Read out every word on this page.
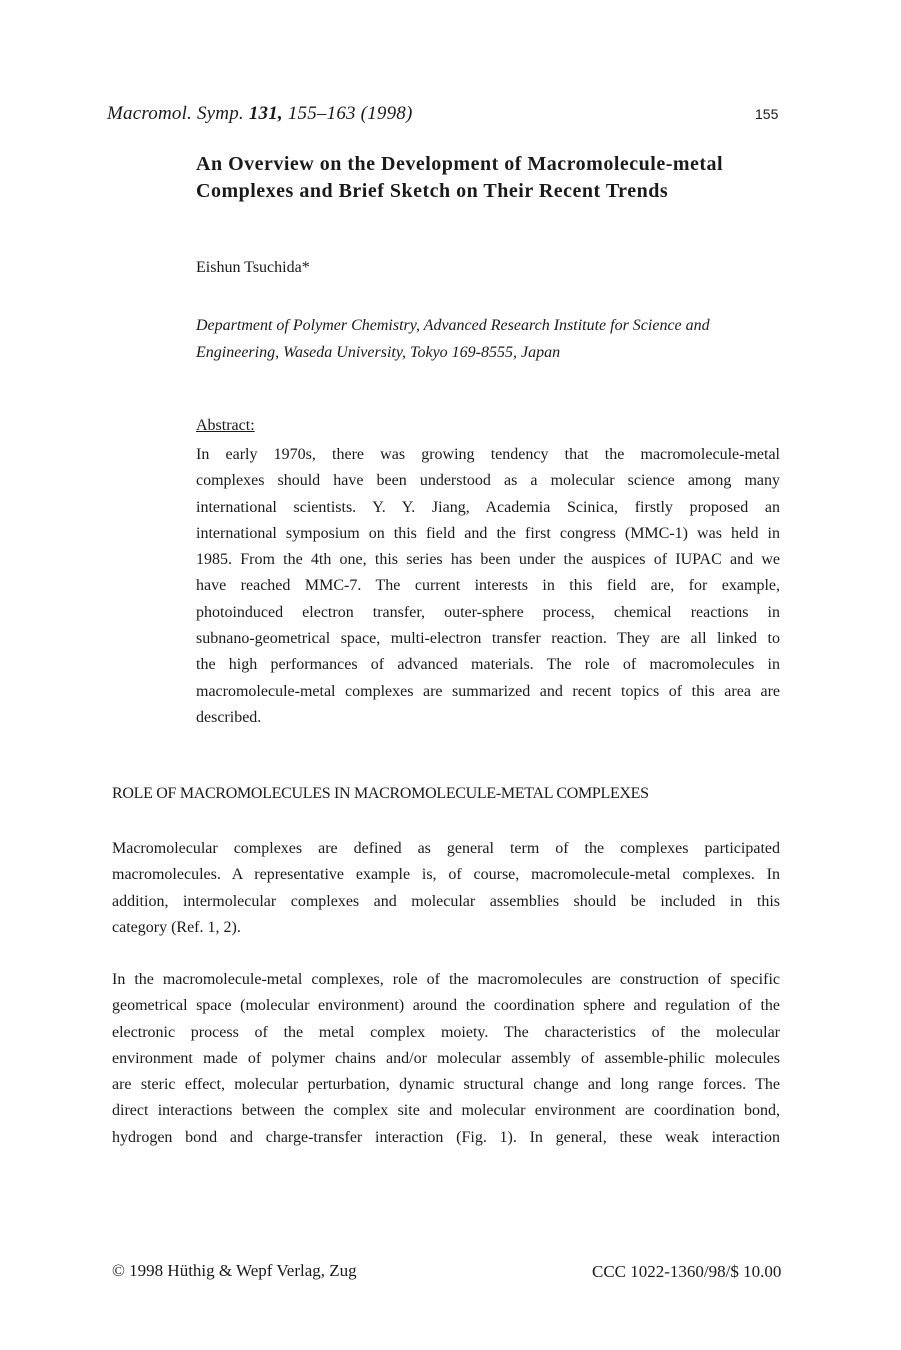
Macromol. Symp. 131, 155–163 (1998)	155
An Overview on the Development of Macromolecule-metal
Complexes and Brief Sketch on Their Recent Trends
Eishun Tsuchida*
Department of Polymer Chemistry, Advanced Research Institute for Science and
Engineering, Waseda University, Tokyo 169-8555, Japan
Abstract:
In early 1970s, there was growing tendency that the macromolecule-metal
complexes should have been understood as a molecular science among many
international scientists. Y. Y. Jiang, Academia Scinica, firstly proposed an
international symposium on this field and the first congress (MMC-1) was held in
1985. From the 4th one, this series has been under the auspices of IUPAC and we
have reached MMC-7. The current interests in this field are, for example,
photoinduced electron transfer, outer-sphere process, chemical reactions in
subnano-geometrical space, multi-electron transfer reaction. They are all linked to
the high performances of advanced materials. The role of macromolecules in
macromolecule-metal complexes are summarized and recent topics of this area are
described.
ROLE OF MACROMOLECULES IN MACROMOLECULE-METAL COMPLEXES
Macromolecular complexes are defined as general term of the complexes participated
macromolecules. A representative example is, of course, macromolecule-metal complexes. In
addition, intermolecular complexes and molecular assemblies should be included in this
category (Ref. 1, 2).
In the macromolecule-metal complexes, role of the macromolecules are construction of specific
geometrical space (molecular environment) around the coordination sphere and regulation of the
electronic process of the metal complex moiety. The characteristics of the molecular
environment made of polymer chains and/or molecular assembly of assemble-philic molecules
are steric effect, molecular perturbation, dynamic structural change and long range forces. The
direct interactions between the complex site and molecular environment are coordination bond,
hydrogen bond and charge-transfer interaction (Fig. 1). In general, these weak interaction
© 1998 Hüthig & Wepf Verlag, Zug	CCC 1022-1360/98/$ 10.00
